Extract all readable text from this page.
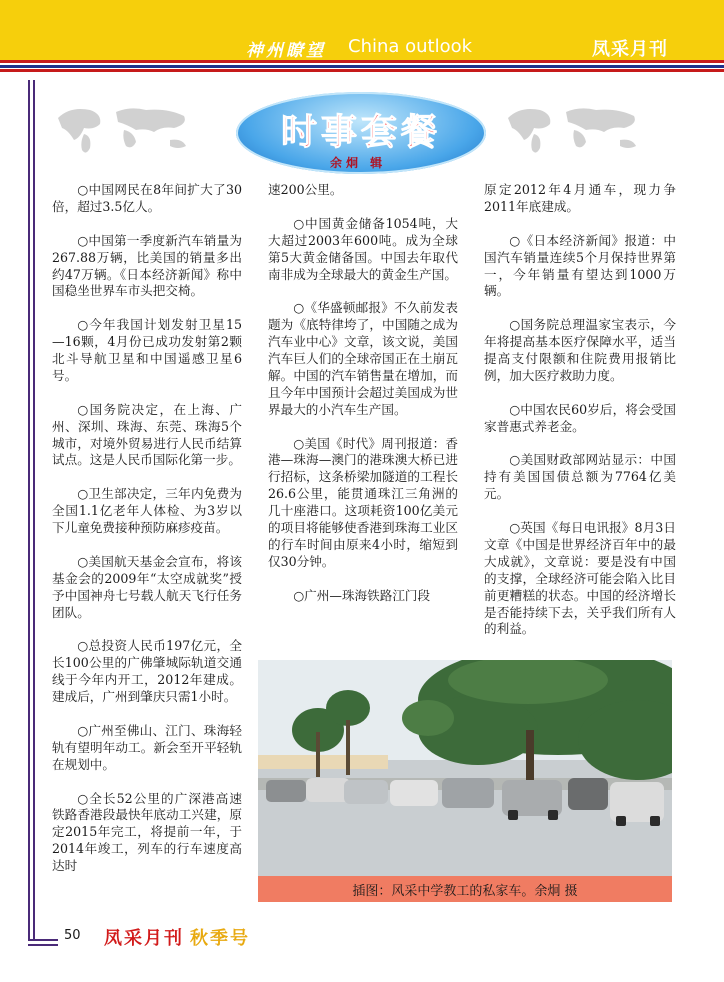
神州瞭望 China outlook	凤采月刊
时事套餐
余炯 辑

○中国网民在8年间扩大了30倍，超过3.5亿人。

○中国第一季度新汽车销量为267.88万辆，比美国的销量多出约47万辆。《日本经济新闻》称中国稳坐世界车市头把交椅。

○今年我国计划发射卫星15—16颗，4月份已成功发射第2颗北斗导航卫星和中国遥感卫星6号。

○国务院决定，在上海、广州、深圳、珠海、东莞、珠海5个城市，对境外贸易进行人民币结算试点。这是人民币国际化第一步。

○卫生部决定，三年内免费为全国1.1亿老年人体检、为3岁以下儿童免费接种预防麻疹疫苗。

○美国航天基金会宣布，将该基金会的2009年“太空成就奖”授予中国神舟七号载人航天飞行任务团队。

○总投资人民币197亿元，全长100公里的广佛肇城际轨道交通线于今年内开工，2012年建成。建成后，广州到肇庆只需1小时。

○广州至佛山、江门、珠海轻轨有望明年动工。新会至开平轻轨在规划中。

○全长52公里的广深港高速铁路香港段最快年底动工兴建，原定2015年完工，将提前一年，于2014年竣工，列车的行车速度高达时

速200公里。

○中国黄金储备1054吨，大大超过2003年600吨。成为全球第5大黄金储备国。中国去年取代南非成为全球最大的黄金生产国。

○《华盛顿邮报》不久前发表题为《底特律垮了，中国随之成为汽车业中心》文章，该文说，美国汽车巨人们的全球帝国正在土崩瓦解。中国的汽车销售量在增加，而且今年中国预计会超过美国成为世界最大的小汽车生产国。

○美国《时代》周刊报道：香港—珠海—澳门的港珠澳大桥已进行招标，这条桥梁加隧道的工程长26.6公里，能贯通珠江三角洲的几十座港口。这项耗资100亿美元的项目将能够使香港到珠海工业区的行车时间由原来4小时，缩短到仅30分钟。

○广州—珠海铁路江门段

原定2012年4月通车，现力争2011年底建成。

○《日本经济新闻》报道：中国汽车销量连续5个月保持世界第一，今年销量有望达到1000万辆。

○国务院总理温家宝表示，今年将提高基本医疗保障水平，适当提高支付限额和住院费用报销比例，加大医疗救助力度。

○中国农民60岁后，将会受国家普惠式养老金。

○美国财政部网站显示：中国持有美国国债总额为7764亿美元。

○英国《每日电讯报》8月3日文章《中国是世界经济百年中的最大成就》，文章说：要是没有中国的支撑，全球经济可能会陷入比目前更糟糕的状态。中国的经济增长是否能持续下去，关乎我们所有人的利益。

插图：风采中学教工的私家车。余炯 摄
50 凤采月刊 秋季号
